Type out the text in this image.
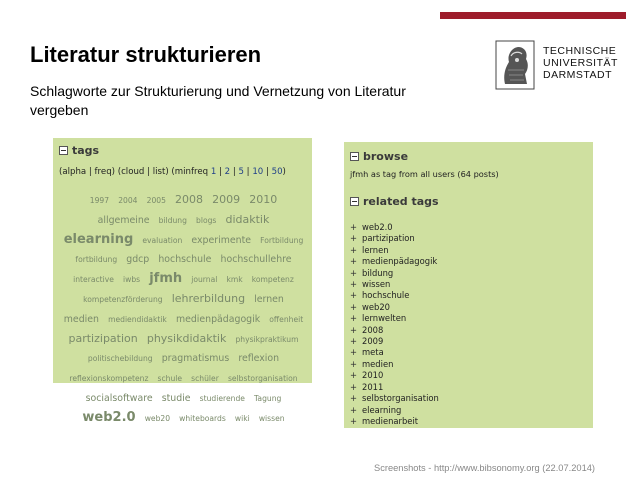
Literatur strukturieren
Schlagworte zur Strukturierung und Vernetzung von Literatur vergeben
TECHNISCHE
UNIVERSITÄT
DARMSTADT
tags
(alpha | freq) (cloud | list) (minfreq 1 | 2 | 5 | 10 | 50)
1997 2004 2005 2008 2009 2010 allgemeine bildung blogs didaktik elearning evaluation experimente Fortbildung fortbildung gdcp hochschule hochschullehre interactive iwbs jfmh journal kmk kompetenz kompetenzförderung lehrerbildung lernen medien mediendidaktik medienpädagogik offenheit partizipation physikdidaktik physikpraktikum politischebildung pragmatismus reflexion reflexionskompetenz schule schüler selbstorganisation socialsoftware studie studierende Tagung web2.0 web20 whiteboards wiki wissen
browse
jfmh as tag from all users (64 posts)
related tags
+ web2.0
+ partizipation
+ lernen
+ medienpädagogik
+ bildung
+ wissen
+ hochschule
+ web20
+ lernwelten
+ 2008
+ 2009
+ meta
+ medien
+ 2010
+ 2011
+ selbstorganisation
+ elearning
+ medienarbeit
Screenshots - http://www.bibsonomy.org (22.07.2014)
